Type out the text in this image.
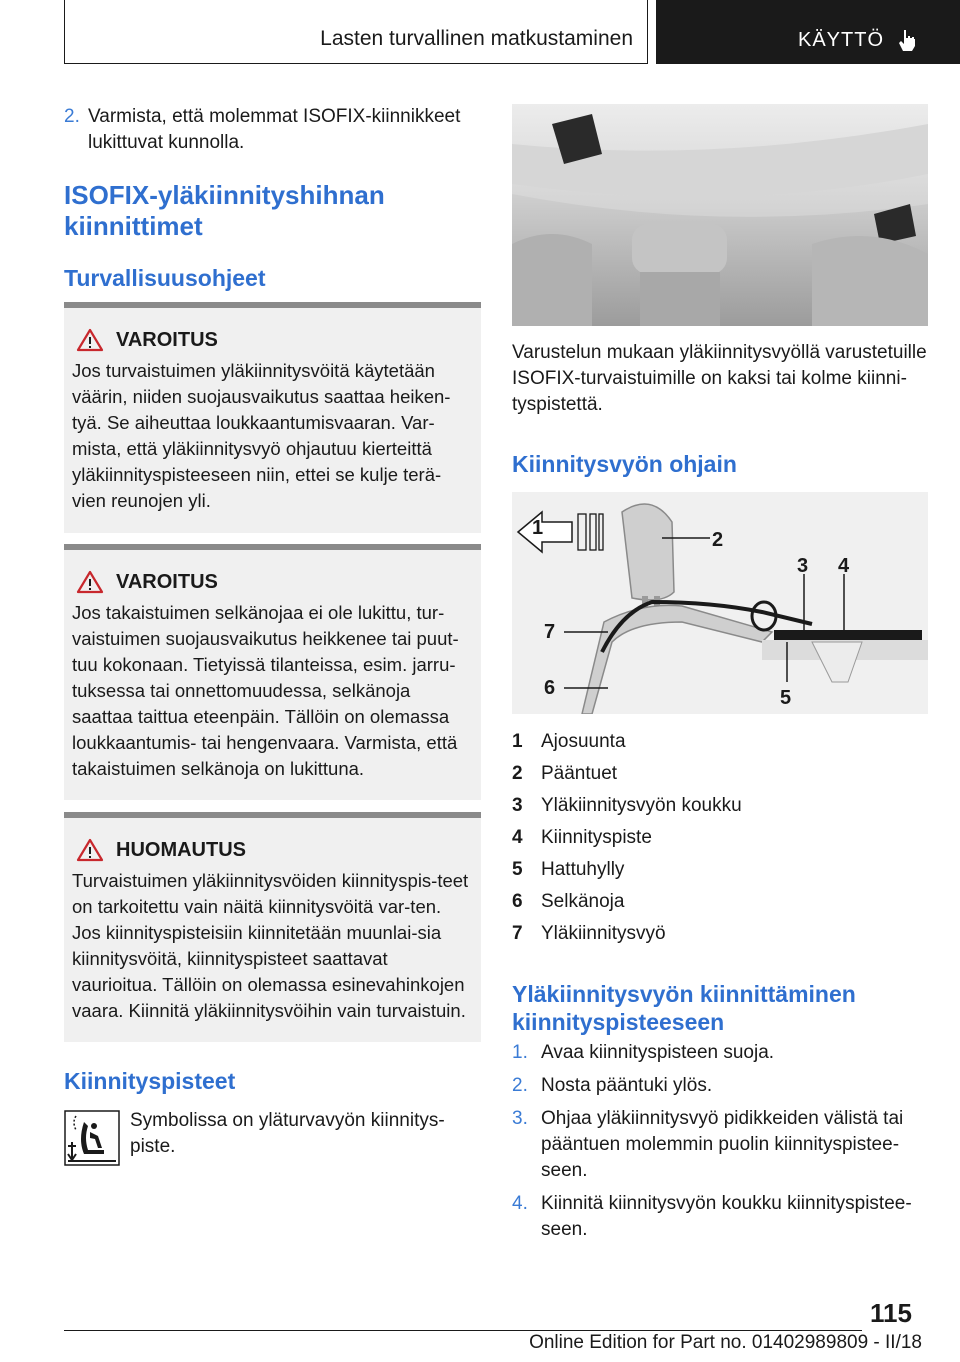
Lasten turvallinen matkustaminen	KÄYTTÖ
2. Varmista, että molemmat ISOFIX-kiinnikkeet lukittuvat kunnolla.
ISOFIX-yläkiinnityshihnan kiinnittimet
Turvallisuusohjeet
VAROITUS
Jos turvaistuimen yläkiinnitysvöitä käytetään väärin, niiden suojausvaikutus saattaa heiken-tyä. Se aiheuttaa loukkaantumisvaaran. Var-mista, että yläkiinnitysvyö ohjautuu kierteittä yläkiinnityspisteeseen niin, ettei se kulje terä-vien reunojen yli.
VAROITUS
Jos takaistuimen selkänojaa ei ole lukittu, tur-vaistuimen suojausvaikutus heikkenee tai puut-tuu kokonaan. Tietyissä tilanteissa, esim. jarru-tuksessa tai onnettomuudessa, selkänoja saattaa taittua eteenpäin. Tällöin on olemassa loukkaantumis- tai hengenvaara. Varmista, että takaistuimen selkänoja on lukittuna.
HUOMAUTUS
Turvaistuimen yläkiinnitysvöiden kiinnityspis-teet on tarkoitettu vain näitä kiinnitysvöitä var-ten. Jos kiinnityspisteisiin kiinnitetään muunlai-sia kiinnitysvöitä, kiinnityspisteet saattavat vaurioitua. Tällöin on olemassa esinevahinkojen vaara. Kiinnitä yläkiinnitysvöihin vain turvaistuin.
Kiinnityspisteet
Symbolissa on yläturvavyön kiinnitys-piste.
Varustelun mukaan yläkiinnitysvyöllä varustetuille ISOFIX-turvaistuimille on kaksi tai kolme kiinni-tyspistettä.
Kiinnitysvyön ohjain
1
2
3 4
5
6
7
1 Ajosuunta
2 Pääntuet
3 Yläkiinnitysvyön koukku
4 Kiinnityspiste
5 Hattuhylly
6 Selkänoja
7 Yläkiinnitysvyö
Yläkiinnitysvyön kiinnittäminen kiinnityspisteeseen
1. Avaa kiinnityspisteen suoja.
2. Nosta pääntuki ylös.
3. Ohjaa yläkiinnitysvyö pidikkeiden välistä tai pääntuen molemmin puolin kiinnityspistee-seen.
4. Kiinnitä kiinnitysvyön koukku kiinnityspistee-seen.
115
Online Edition for Part no. 01402989809 - II/18
